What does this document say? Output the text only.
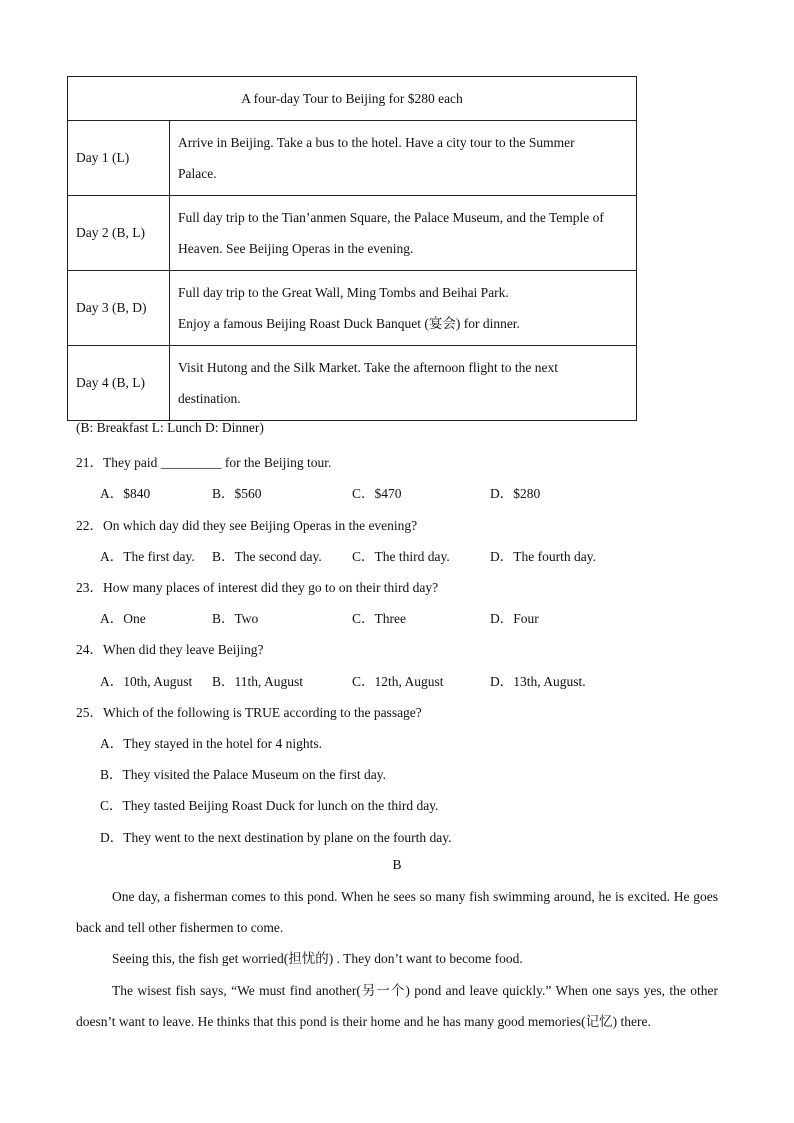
A four-day Tour to Beijing for $280 each	
Day 1 (L)	Arrive in Beijing. Take a bus to the hotel. Have a city tour to the Summer
Palace.

Day 2 (B, L)	Full day trip to the Tian’anmen Square, the Palace Museum, and the Temple of
Heaven. See Beijing Operas in the evening.

Day 3 (B, D)	Full day trip to the Great Wall, Ming Tombs and Beihai Park.
Enjoy a famous Beijing Roast Duck Banquet (宴会) for dinner.

Day 4 (B, L)	Visit Hutong and the Silk Market. Take the afternoon flight to the next
destination.
(B: Breakfast L: Lunch D: Dinner)
21．They paid _________ for the Beijing tour.
A．$840	B．$560	C．$470	D．$280
22．On which day did they see Beijing Operas in the evening?
A．The first day. B．The second day. C．The third day.	D．The fourth day.
23．How many places of interest did they go to on their third day?
A．One	B．Two	C．Three	D．Four
24．When did they leave Beijing?
A．10th, August B．11th, August	C．12th, August	D．13th, August.
25．Which of the following is TRUE according to the passage?
A．They stayed in the hotel for 4 nights.
B．They visited the Palace Museum on the first day.
C．They tasted Beijing Roast Duck for lunch on the third day.
D．They went to the next destination by plane on the fourth day.
B
One day, a fisherman comes to this pond. When he sees so many fish swimming around, he is excited. He goes back and tell other fishermen to come.
Seeing this, the fish get worried(担忧的) . They don’t want to become food.
The wisest fish says, “We must find another(另一个) pond and leave quickly.” When one says yes, the other doesn’t want to leave. He thinks that this pond is their home and he has many good memories(记忆) there.
